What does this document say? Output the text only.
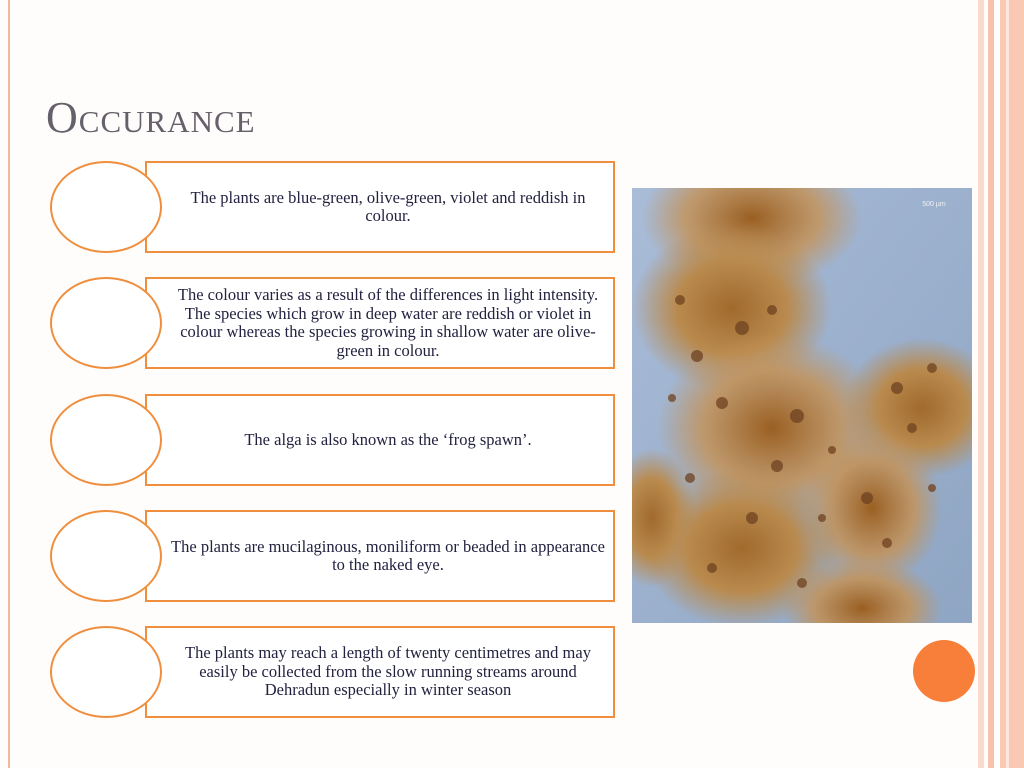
Occurance
The plants are blue-green, olive-green, violet and reddish in colour.
The colour varies as a result of the differences in light intensity. The species which grow in deep water are reddish or violet in colour whereas the species growing in shallow water are olive-green in colour.
The alga is also known as the ‘frog spawn’.
The plants are mucilaginous, moniliform or beaded in appearance to the naked eye.
The plants may reach a length of twenty centimetres and may easily be collected from the slow running streams around Dehradun especially in winter season
500 µm
